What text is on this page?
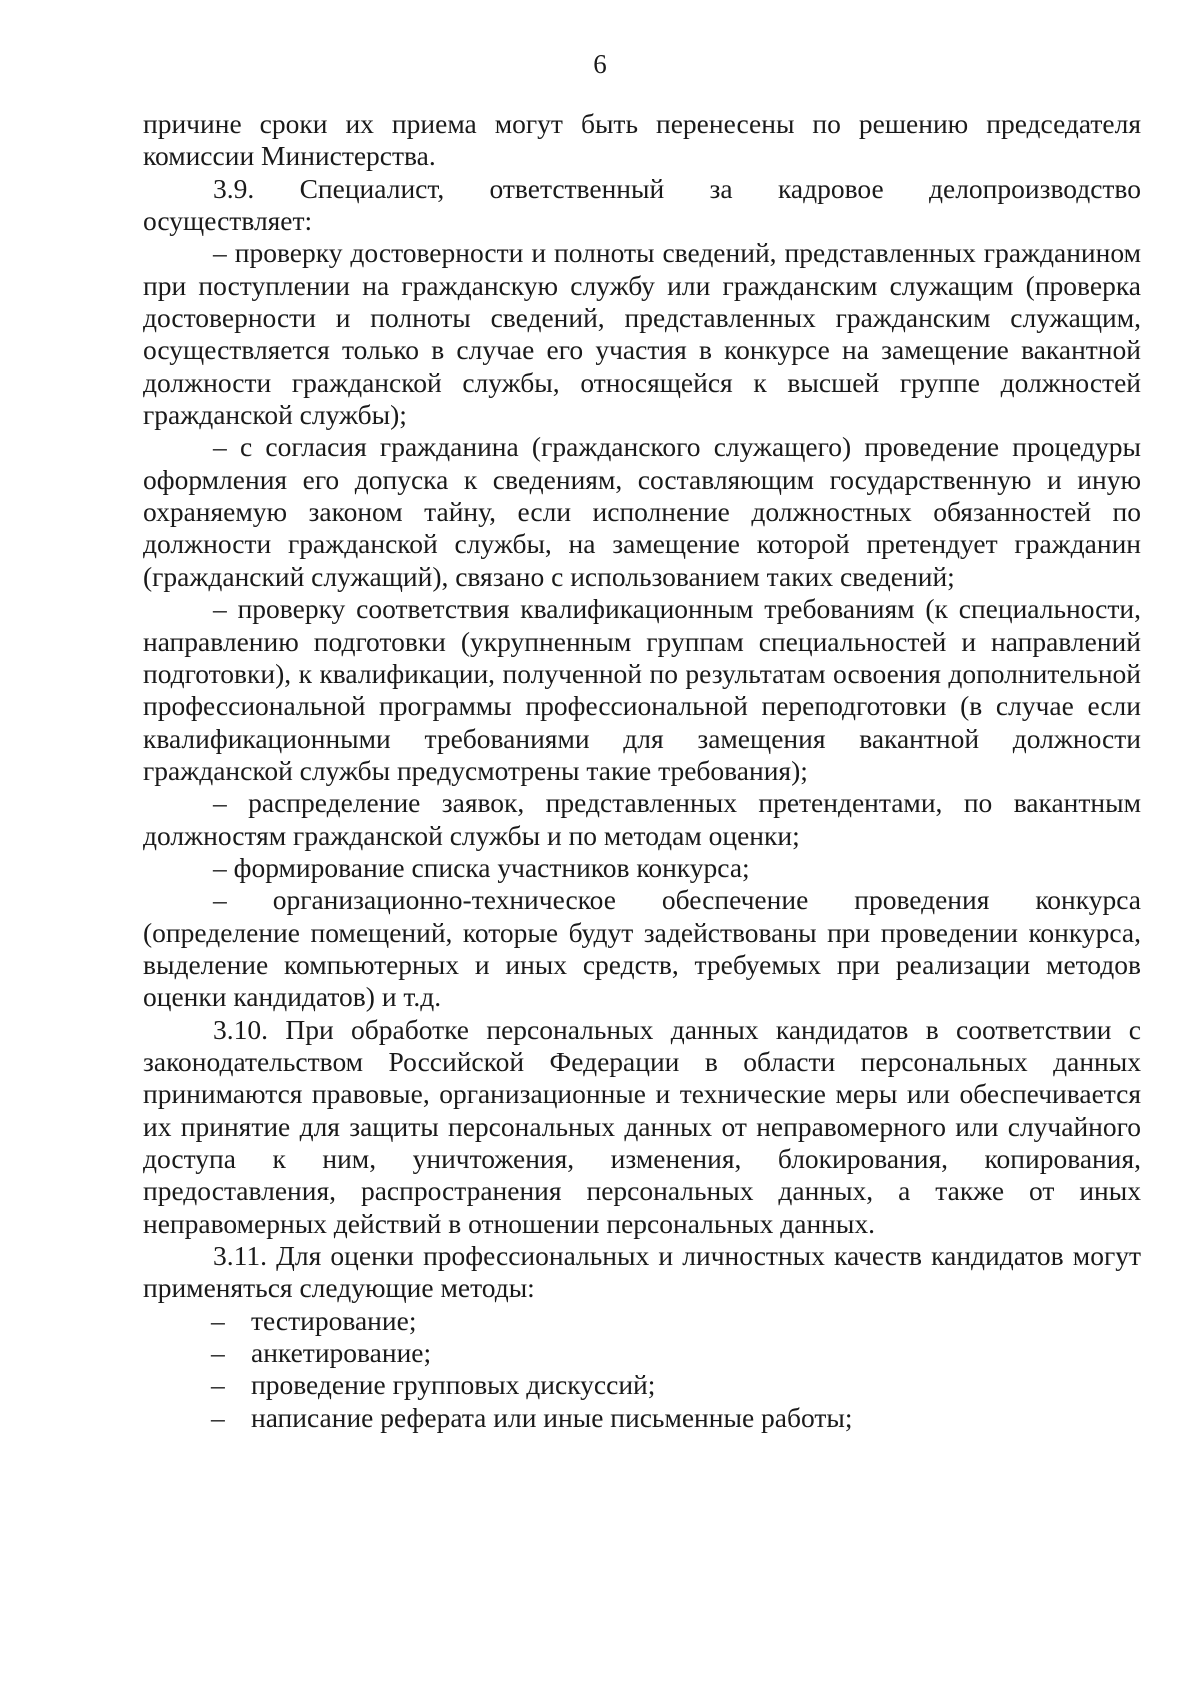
6

причине сроки их приема могут быть перенесены по решению председателя

комиссии Министерства.

3.9. Специалист, ответственный за кадровое делопроизводство

осуществляет:

– проверку достоверности и полноты сведений, представленных гражданином при поступлении на гражданскую службу или гражданским служащим (проверка достоверности и полноты сведений, представленных гражданским служащим, осуществляется только в случае его участия в конкурсе на замещение вакантной должности гражданской службы, относящейся к высшей группе должностей гражданской службы);

– с согласия гражданина (гражданского служащего) проведение процедуры оформления его допуска к сведениям, составляющим государственную и иную охраняемую законом тайну, если исполнение должностных обязанностей по должности гражданской службы, на замещение которой претендует гражданин (гражданский служащий), связано с использованием таких сведений;

– проверку соответствия квалификационным требованиям (к специальности, направлению подготовки (укрупненным группам специальностей и направлений подготовки), к квалификации, полученной по результатам освоения дополнительной профессиональной программы профессиональной переподготовки (в случае если квалификационными требованиями для замещения вакантной должности гражданской службы предусмотрены такие требования);

– распределение заявок, представленных претендентами, по вакантным должностям гражданской службы и по методам оценки;

– формирование списка участников конкурса;

– организационно-техническое обеспечение проведения конкурса (определение помещений, которые будут задействованы при проведении конкурса, выделение компьютерных и иных средств, требуемых при реализации методов оценки кандидатов) и т.д.

3.10. При обработке персональных данных кандидатов в соответствии с законодательством Российской Федерации в области персональных данных принимаются правовые, организационные и технические меры или обеспечивается их принятие для защиты персональных данных от неправомерного или случайного доступа к ним, уничтожения, изменения, блокирования, копирования, предоставления, распространения персональных данных, а также от иных неправомерных действий в отношении персональных данных.

3.11. Для оценки профессиональных и личностных качеств кандидатов могут применяться следующие методы:

– тестирование;

– анкетирование;

– проведение групповых дискуссий;

– написание реферата или иные письменные работы;
